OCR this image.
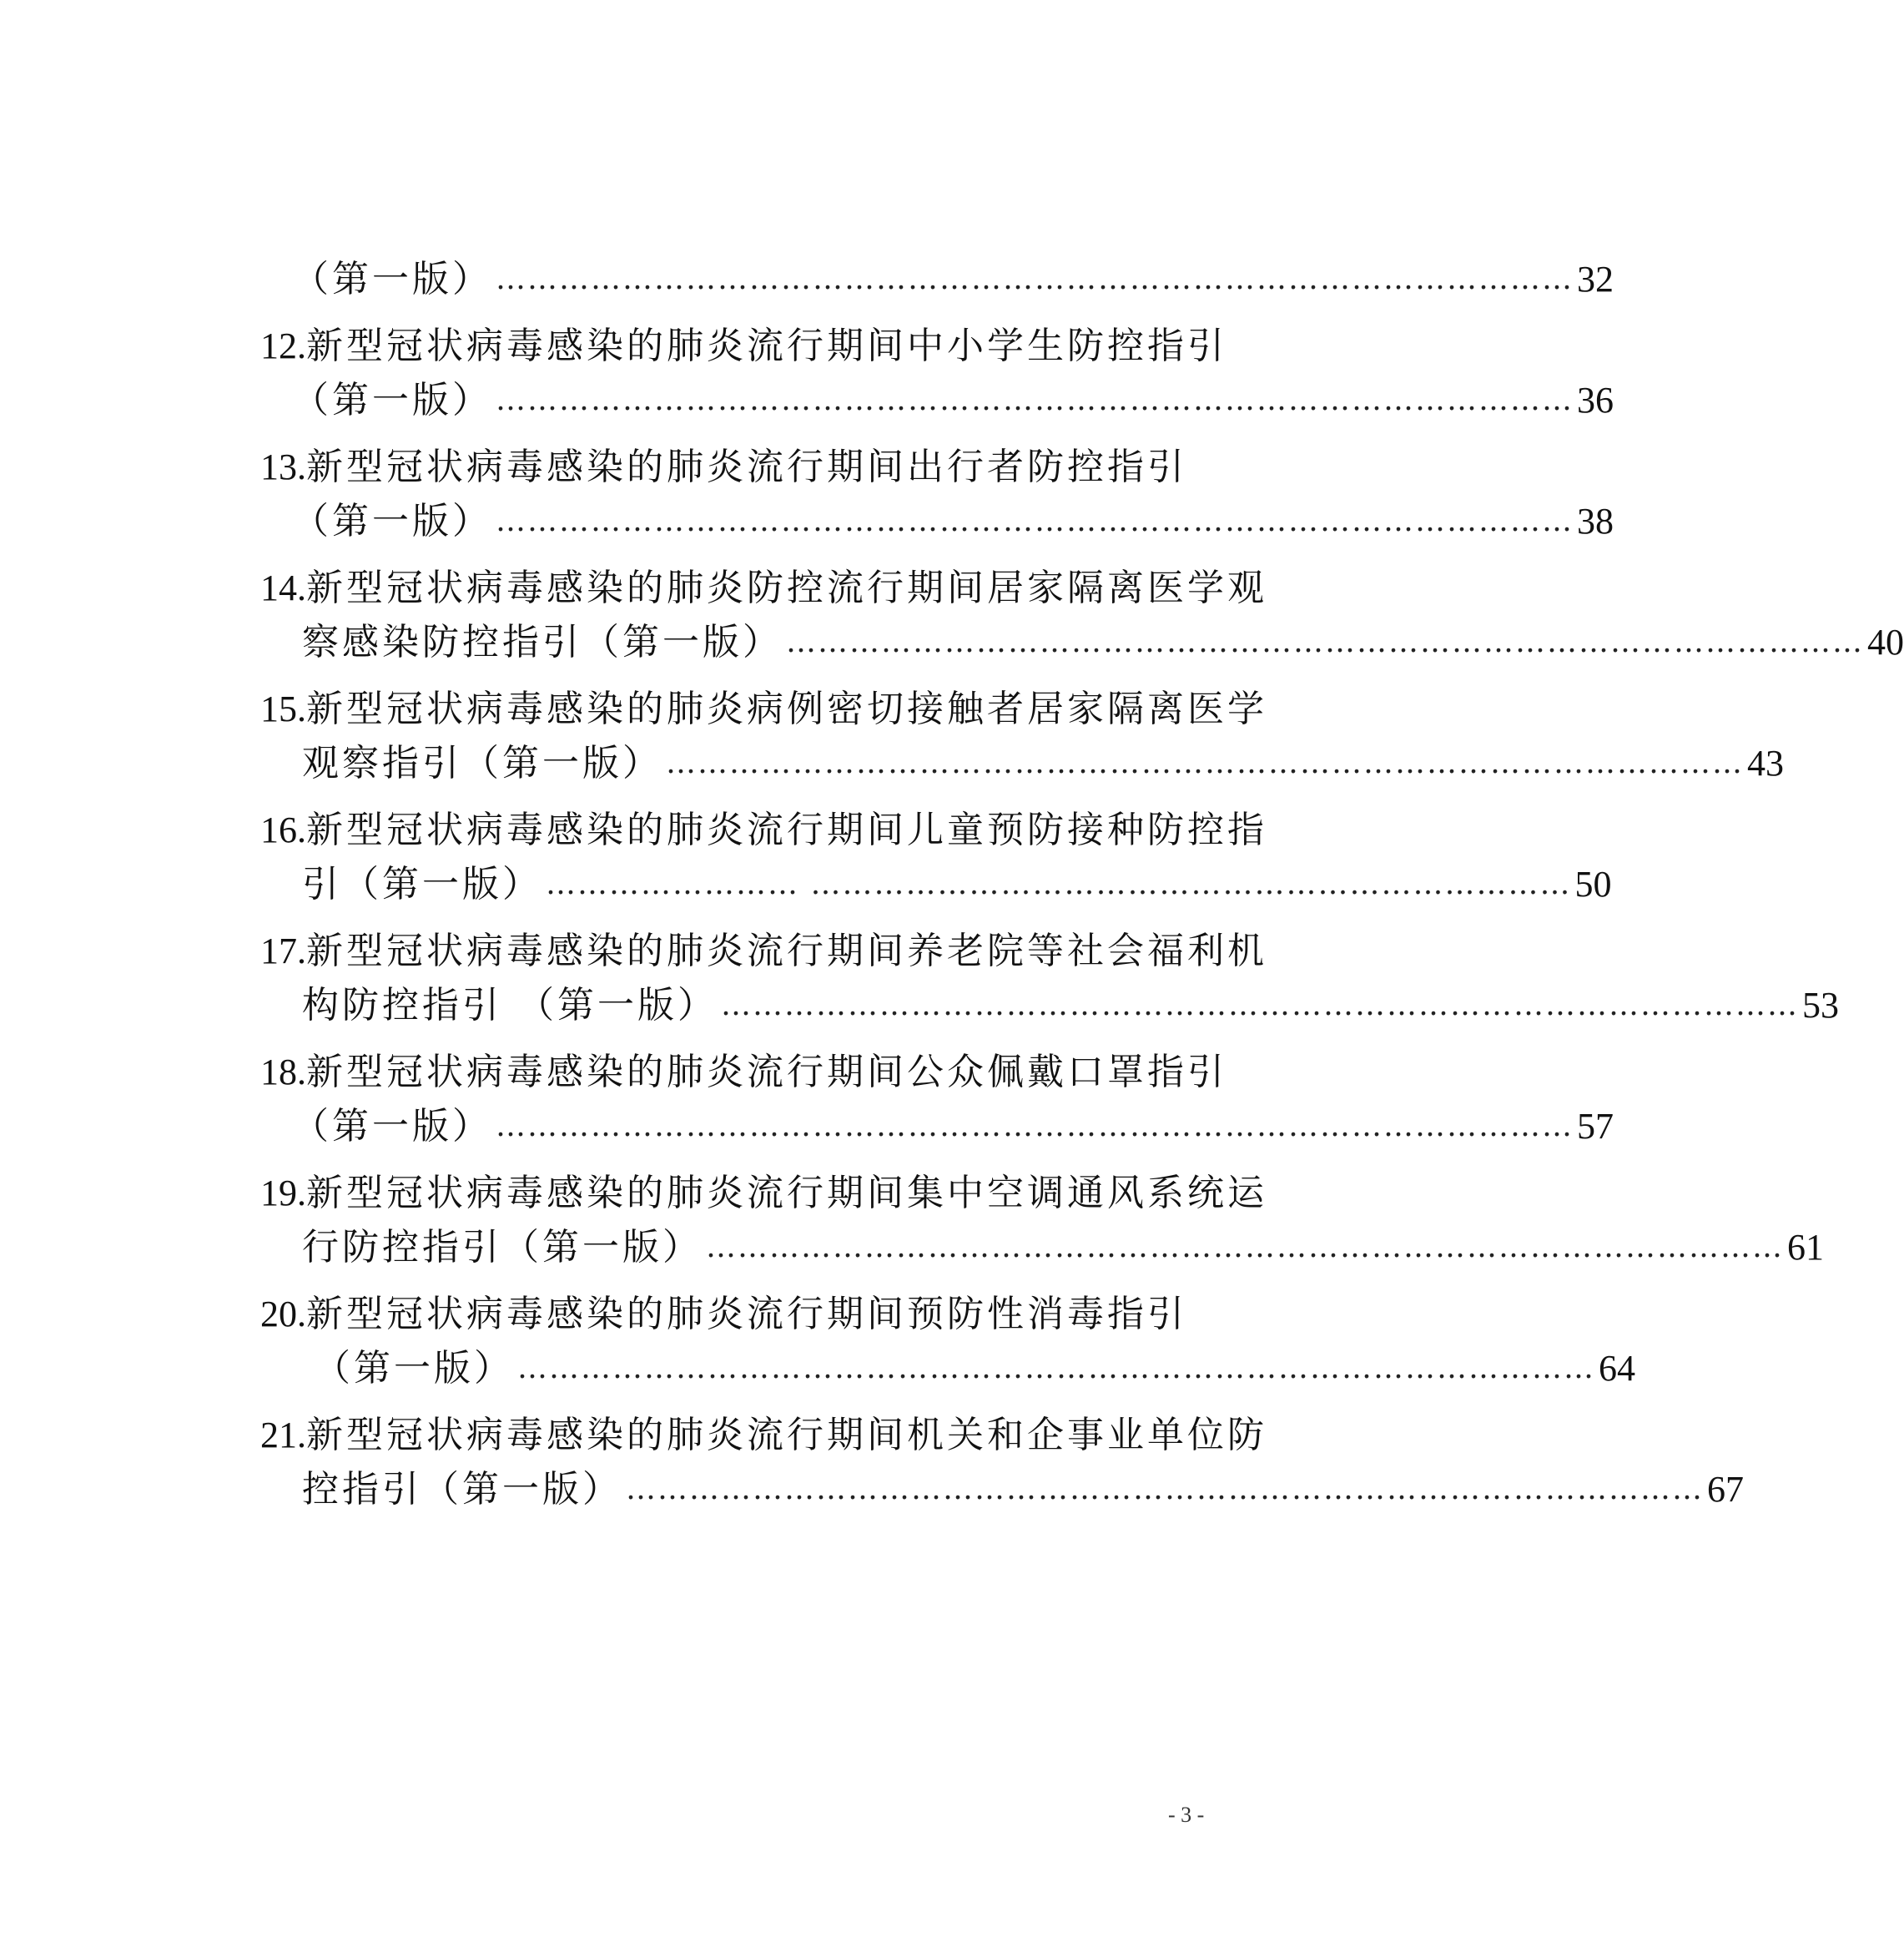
（第一版） ………………………………………………………………………………………… 32
12.新型冠状病毒感染的肺炎流行期间中小学生防控指引
（第一版） ………………………………………………………………………………………… 36
13.新型冠状病毒感染的肺炎流行期间出行者防控指引
（第一版） ………………………………………………………………………………………… 38
14.新型冠状病毒感染的肺炎防控流行期间居家隔离医学观
察感染防控指引（第一版） ………………………………………………………………………………………… 40
15.新型冠状病毒感染的肺炎病例密切接触者居家隔离医学
观察指引（第一版） ………………………………………………………………………………………… 43
16.新型冠状病毒感染的肺炎流行期间儿童预防接种防控指
引（第一版） …………………… ……………………………………………………………… 50
17.新型冠状病毒感染的肺炎流行期间养老院等社会福利机
构防控指引 （第一版） ………………………………………………………………………………………… 53
18.新型冠状病毒感染的肺炎流行期间公众佩戴口罩指引
（第一版） ………………………………………………………………………………………… 57
19.新型冠状病毒感染的肺炎流行期间集中空调通风系统运
行防控指引（第一版） ………………………………………………………………………………………… 61
20.新型冠状病毒感染的肺炎流行期间预防性消毒指引
（第一版） ………………………………………………………………………………………… 64
21.新型冠状病毒感染的肺炎流行期间机关和企事业单位防
控指引（第一版） ………………………………………………………………………………………… 67
- 3 -
